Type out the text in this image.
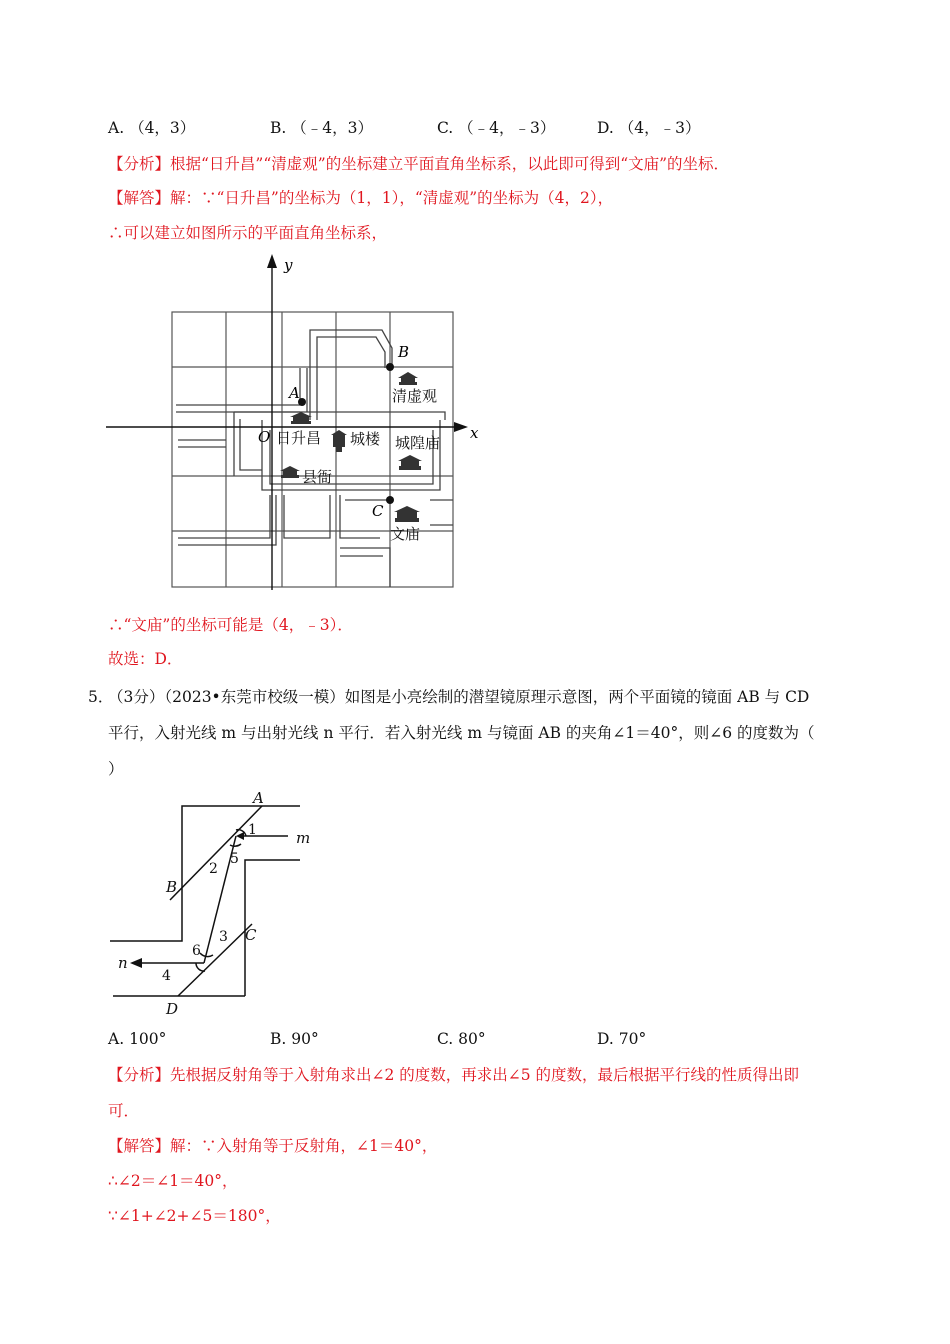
A. （4，3）	B. （﹣4，3）	C. （﹣4，﹣3）	D. （4，﹣3）
【分析】根据“日升昌”“清虚观”的坐标建立平面直角坐标系，以此即可得到“文庙”的坐标．
【解答】解：∵“日升昌”的坐标为（1，1），“清虚观”的坐标为（4，2），
∴可以建立如图所示的平面直角坐标系，
y
x
O
A
B
C
清虚观
日升昌 城楼 城隍庙
县衙
文庙
∴“文庙”的坐标可能是（4，﹣3）．
故选：D．
5．
（3分）（2023•东莞市校级一模）如图是小亮绘制的潜望镜原理示意图，两个平面镜的镜面 AB 与 CD
平行，入射光线 m 与出射光线 n 平行．若入射光线 m 与镜面 AB 的夹角∠1＝40°，则∠6 的度数为（
）
A
B
C
D
m
n
1
2
3
4
5
6
A. 100°	B. 90°	C. 80°	D. 70°
【分析】先根据反射角等于入射角求出∠2 的度数，再求出∠5 的度数，最后根据平行线的性质得出即
可．
【解答】解：∵入射角等于反射角，∠1＝40°，
∴∠2＝∠1＝40°，
∵∠1+∠2+∠5＝180°，
